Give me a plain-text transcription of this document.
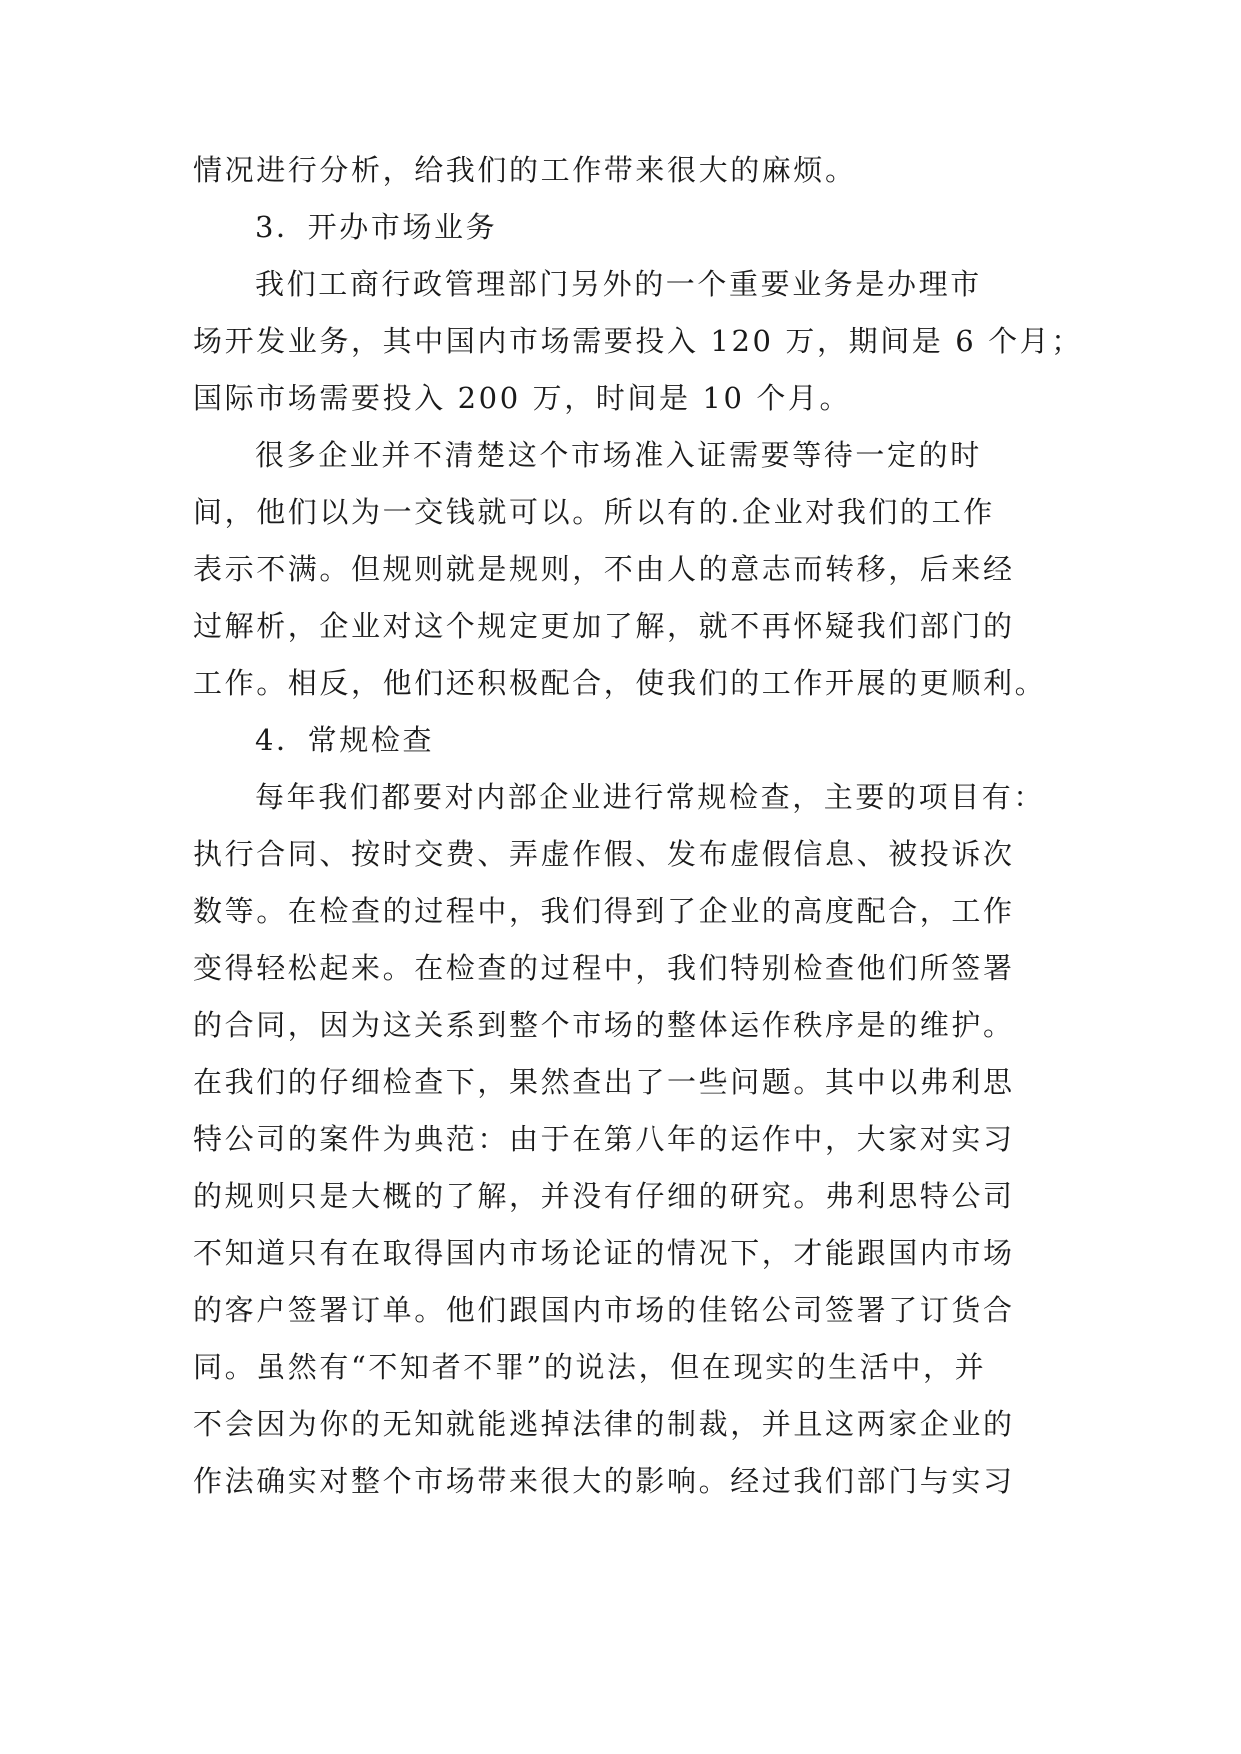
情况进行分析，给我们的工作带来很大的麻烦。
3．开办市场业务
我们工商行政管理部门另外的一个重要业务是办理市
场开发业务，其中国内市场需要投入 120 万，期间是 6 个月；
国际市场需要投入 200 万，时间是 10 个月。
很多企业并不清楚这个市场准入证需要等待一定的时
间，他们以为一交钱就可以。所以有的.企业对我们的工作
表示不满。但规则就是规则，不由人的意志而转移，后来经
过解析，企业对这个规定更加了解，就不再怀疑我们部门的
工作。相反，他们还积极配合，使我们的工作开展的更顺利。
4．常规检查
每年我们都要对内部企业进行常规检查，主要的项目有：
执行合同、按时交费、弄虚作假、发布虚假信息、被投诉次
数等。在检查的过程中，我们得到了企业的高度配合，工作
变得轻松起来。在检查的过程中，我们特别检查他们所签署
的合同，因为这关系到整个市场的整体运作秩序是的维护。
在我们的仔细检查下，果然查出了一些问题。其中以弗利思
特公司的案件为典范：由于在第八年的运作中，大家对实习
的规则只是大概的了解，并没有仔细的研究。弗利思特公司
不知道只有在取得国内市场论证的情况下，才能跟国内市场
的客户签署订单。他们跟国内市场的佳铭公司签署了订货合
同。虽然有“不知者不罪”的说法，但在现实的生活中，并
不会因为你的无知就能逃掉法律的制裁，并且这两家企业的
作法确实对整个市场带来很大的影响。经过我们部门与实习
